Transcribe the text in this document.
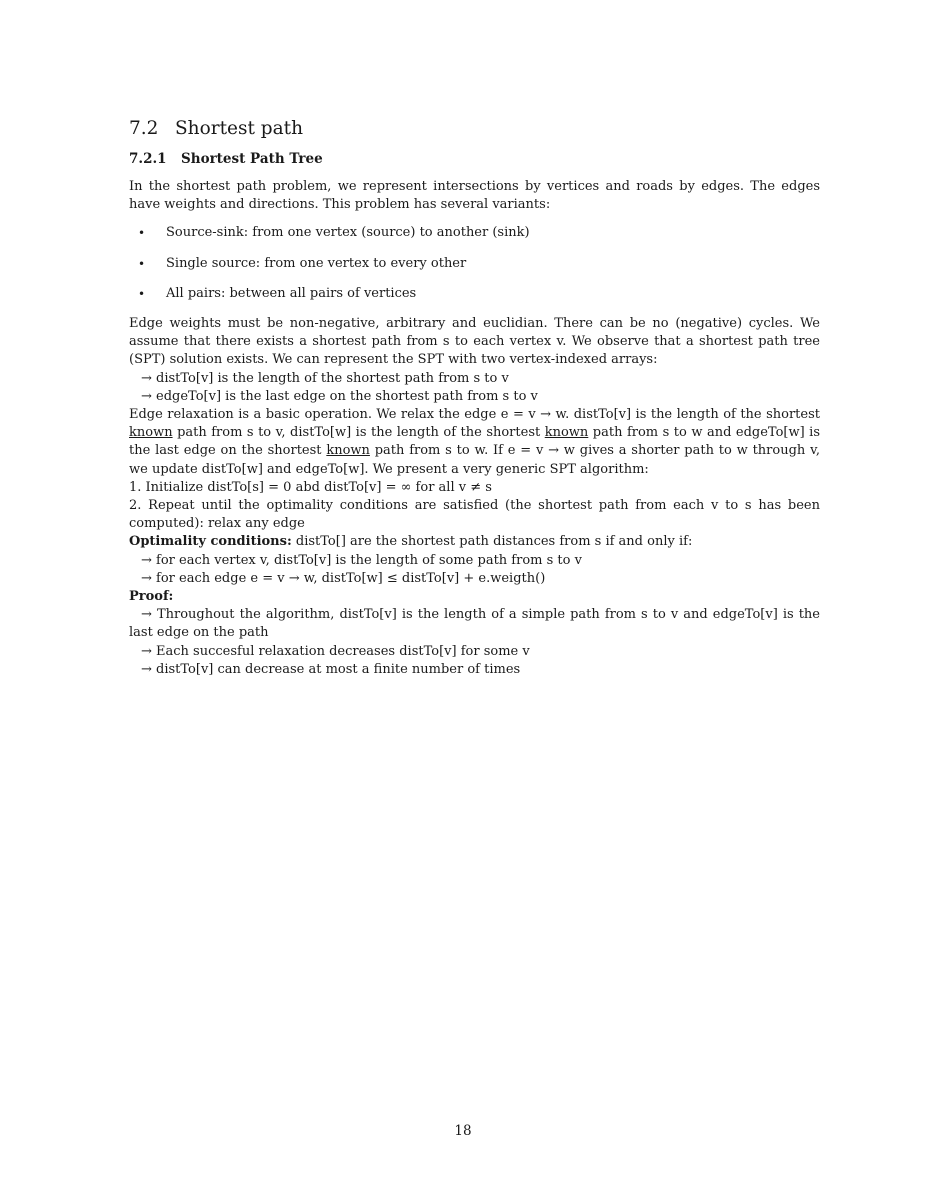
7.2 Shortest path
7.2.1 Shortest Path Tree
In the shortest path problem, we represent intersections by vertices and roads by edges. The edges have weights and directions. This problem has several variants:
• Source-sink: from one vertex (source) to another (sink)
• Single source: from one vertex to every other
• All pairs: between all pairs of vertices
Edge weights must be non-negative, arbitrary and euclidian. There can be no (negative) cycles. We assume that there exists a shortest path from s to each vertex v. We observe that a shortest path tree (SPT) solution exists. We can represent the SPT with two vertex-indexed arrays:
→ distTo[v] is the length of the shortest path from s to v
→ edgeTo[v] is the last edge on the shortest path from s to v
Edge relaxation is a basic operation. We relax the edge e = v → w. distTo[v] is the length of the shortest known path from s to v, distTo[w] is the length of the shortest known path from s to w and edgeTo[w] is the last edge on the shortest known path from s to w. If e = v → w gives a shorter path to w through v, we update distTo[w] and edgeTo[w]. We present a very generic SPT algorithm:
1. Initialize distTo[s] = 0 abd distTo[v] = ∞ for all v ≠ s
2. Repeat until the optimality conditions are satisfied (the shortest path from each v to s has been computed): relax any edge
Optimality conditions: distTo[] are the shortest path distances from s if and only if:
→ for each vertex v, distTo[v] is the length of some path from s to v
→ for each edge e = v → w, distTo[w] ≤ distTo[v] + e.weigth()
Proof:
→ Throughout the algorithm, distTo[v] is the length of a simple path from s to v and edgeTo[v] is the last edge on the path
→ Each succesful relaxation decreases distTo[v] for some v
→ distTo[v] can decrease at most a finite number of times
18
